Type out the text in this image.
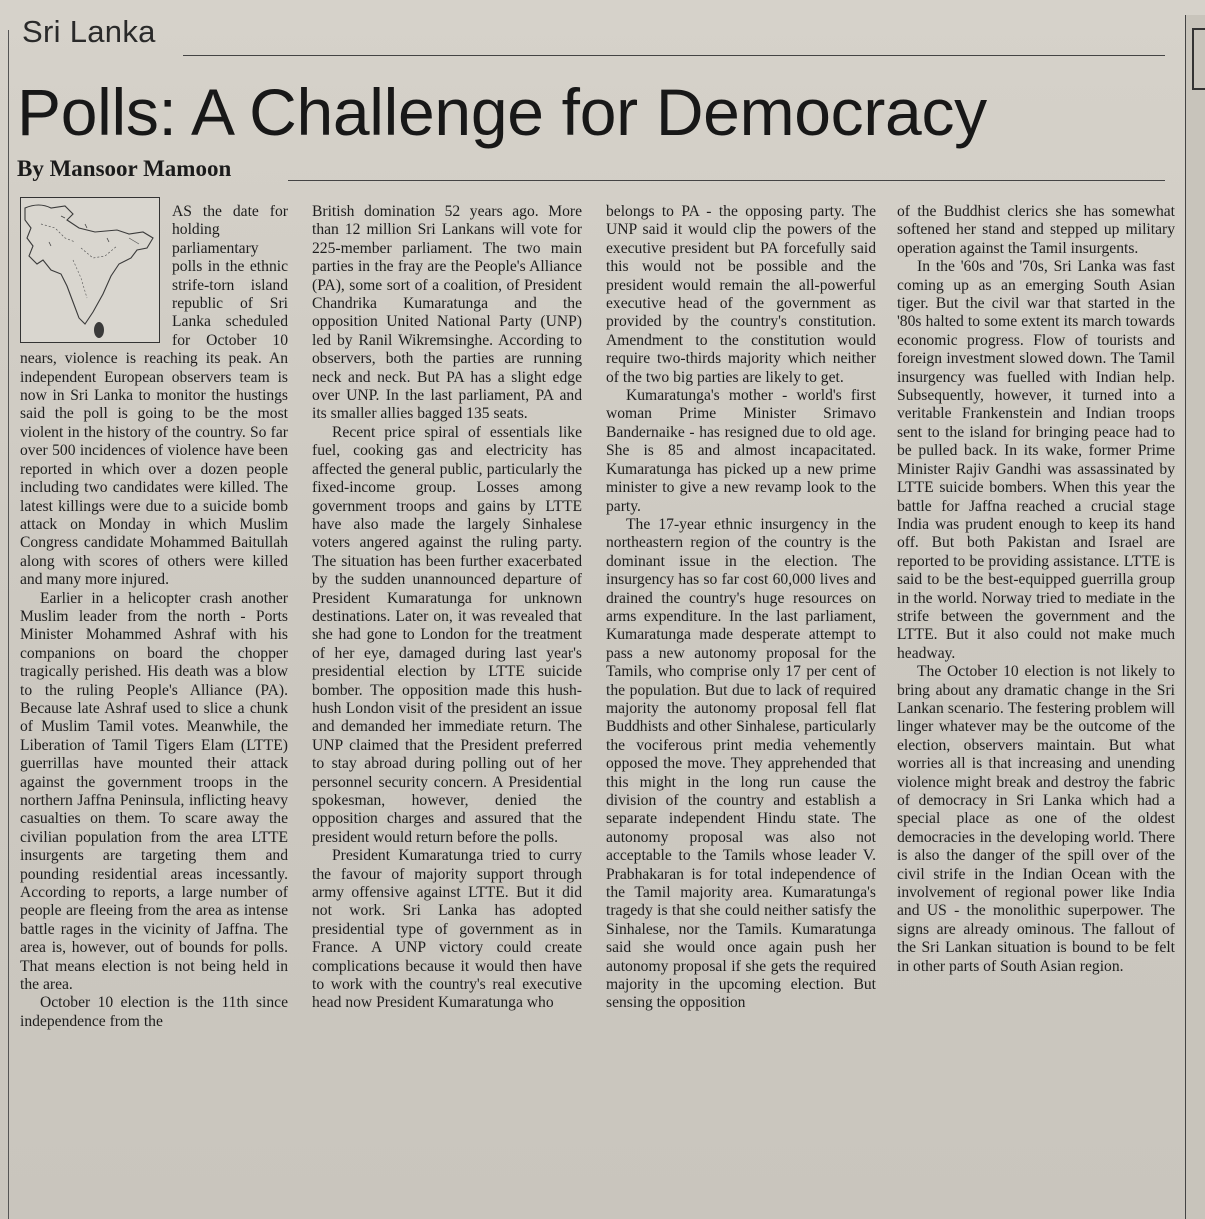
Sri Lanka
Polls: A Challenge for Democracy
By Mansoor Mamoon

AS the date for holding parliamentary polls in the ethnic strife-torn island republic of Sri Lanka scheduled for October 10 nears, violence is reaching its peak. An independent European observers team is now in Sri Lanka to monitor the hustings said the poll is going to be the most violent in the history of the country. So far over 500 incidences of violence have been reported in which over a dozen people including two candidates were killed. The latest killings were due to a suicide bomb attack on Monday in which Muslim Congress candidate Mohammed Baitullah along with scores of others were killed and many more injured.

Earlier in a helicopter crash another Muslim leader from the north - Ports Minister Mohammed Ashraf with his companions on board the chopper tragically perished. His death was a blow to the ruling People's Alliance (PA). Because late Ashraf used to slice a chunk of Muslim Tamil votes. Meanwhile, the Liberation of Tamil Tigers Elam (LTTE) guerrillas have mounted their attack against the government troops in the northern Jaffna Peninsula, inflicting heavy casualties on them. To scare away the civilian population from the area LTTE insurgents are targeting them and pounding residential areas incessantly. According to reports, a large number of people are fleeing from the area as intense battle rages in the vicinity of Jaffna. The area is, however, out of bounds for polls. That means election is not being held in the area.

October 10 election is the 11th since independence from the

British domination 52 years ago. More than 12 million Sri Lankans will vote for 225-member parliament. The two main parties in the fray are the People's Alliance (PA), some sort of a coalition, of President Chandrika Kumaratunga and the opposition United National Party (UNP) led by Ranil Wikremsinghe. According to observers, both the parties are running neck and neck. But PA has a slight edge over UNP. In the last parliament, PA and its smaller allies bagged 135 seats.

Recent price spiral of essentials like fuel, cooking gas and electricity has affected the general public, particularly the fixed-income group. Losses among government troops and gains by LTTE have also made the largely Sinhalese voters angered against the ruling party. The situation has been further exacerbated by the sudden unannounced departure of President Kumaratunga for unknown destinations. Later on, it was revealed that she had gone to London for the treatment of her eye, damaged during last year's presidential election by LTTE suicide bomber. The opposition made this hush-hush London visit of the president an issue and demanded her immediate return. The UNP claimed that the President preferred to stay abroad during polling out of her personnel security concern. A Presidential spokesman, however, denied the opposition charges and assured that the president would return before the polls.

President Kumaratunga tried to curry the favour of majority support through army offensive against LTTE. But it did not work. Sri Lanka has adopted presidential type of government as in France. A UNP victory could create complications because it would then have to work with the country's real executive head now President Kumaratunga who

belongs to PA - the opposing party. The UNP said it would clip the powers of the executive president but PA forcefully said this would not be possible and the president would remain the all-powerful executive head of the government as provided by the country's constitution. Amendment to the constitution would require two-thirds majority which neither of the two big parties are likely to get.

Kumaratunga's mother - world's first woman Prime Minister Srimavo Bandernaike - has resigned due to old age. She is 85 and almost incapacitated. Kumaratunga has picked up a new prime minister to give a new revamp look to the party.

The 17-year ethnic insurgency in the northeastern region of the country is the dominant issue in the election. The insurgency has so far cost 60,000 lives and drained the country's huge resources on arms expenditure. In the last parliament, Kumaratunga made desperate attempt to pass a new autonomy proposal for the Tamils, who comprise only 17 per cent of the population. But due to lack of required majority the autonomy proposal fell flat Buddhists and other Sinhalese, particularly the vociferous print media vehemently opposed the move. They apprehended that this might in the long run cause the division of the country and establish a separate independent Hindu state. The autonomy proposal was also not acceptable to the Tamils whose leader V. Prabhakaran is for total independence of the Tamil majority area. Kumaratunga's tragedy is that she could neither satisfy the Sinhalese, nor the Tamils. Kumaratunga said she would once again push her autonomy proposal if she gets the required majority in the upcoming election. But sensing the opposition

of the Buddhist clerics she has somewhat softened her stand and stepped up military operation against the Tamil insurgents.

In the '60s and '70s, Sri Lanka was fast coming up as an emerging South Asian tiger. But the civil war that started in the '80s halted to some extent its march towards economic progress. Flow of tourists and foreign investment slowed down. The Tamil insurgency was fuelled with Indian help. Subsequently, however, it turned into a veritable Frankenstein and Indian troops sent to the island for bringing peace had to be pulled back. In its wake, former Prime Minister Rajiv Gandhi was assassinated by LTTE suicide bombers. When this year the battle for Jaffna reached a crucial stage India was prudent enough to keep its hand off. But both Pakistan and Israel are reported to be providing assistance. LTTE is said to be the best-equipped guerrilla group in the world. Norway tried to mediate in the strife between the government and the LTTE. But it also could not make much headway.

The October 10 election is not likely to bring about any dramatic change in the Sri Lankan scenario. The festering problem will linger whatever may be the outcome of the election, observers maintain. But what worries all is that increasing and unending violence might break and destroy the fabric of democracy in Sri Lanka which had a special place as one of the oldest democracies in the developing world. There is also the danger of the spill over of the civil strife in the Indian Ocean with the involvement of regional power like India and US - the monolithic superpower. The signs are already ominous. The fallout of the Sri Lankan situation is bound to be felt in other parts of South Asian region.
